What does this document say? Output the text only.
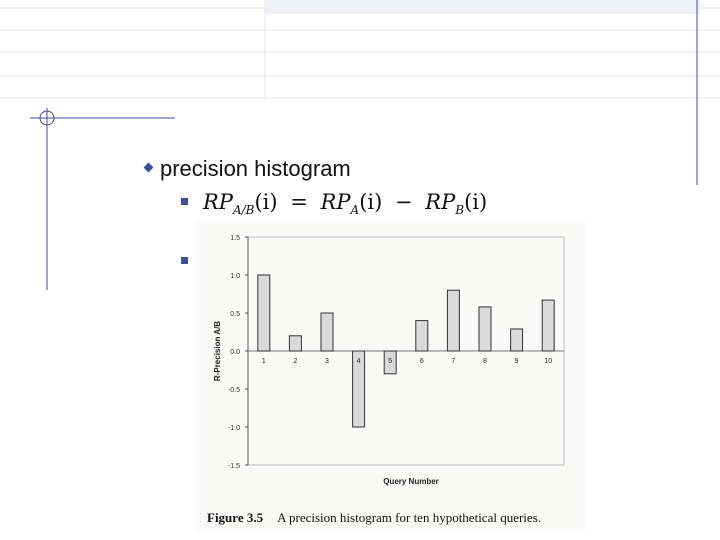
precision histogram
$RP_{A/B}(i) = RP_A(i) - RP_B(i)$
1.5
1.0
0.5
0.0
-0.5
-1.0
-1.5
1	2	3	4	5	6	7	8	9	10
R-Precision A/B
Query Number
Figure 3.5 A precision histogram for ten hypothetical queries.
